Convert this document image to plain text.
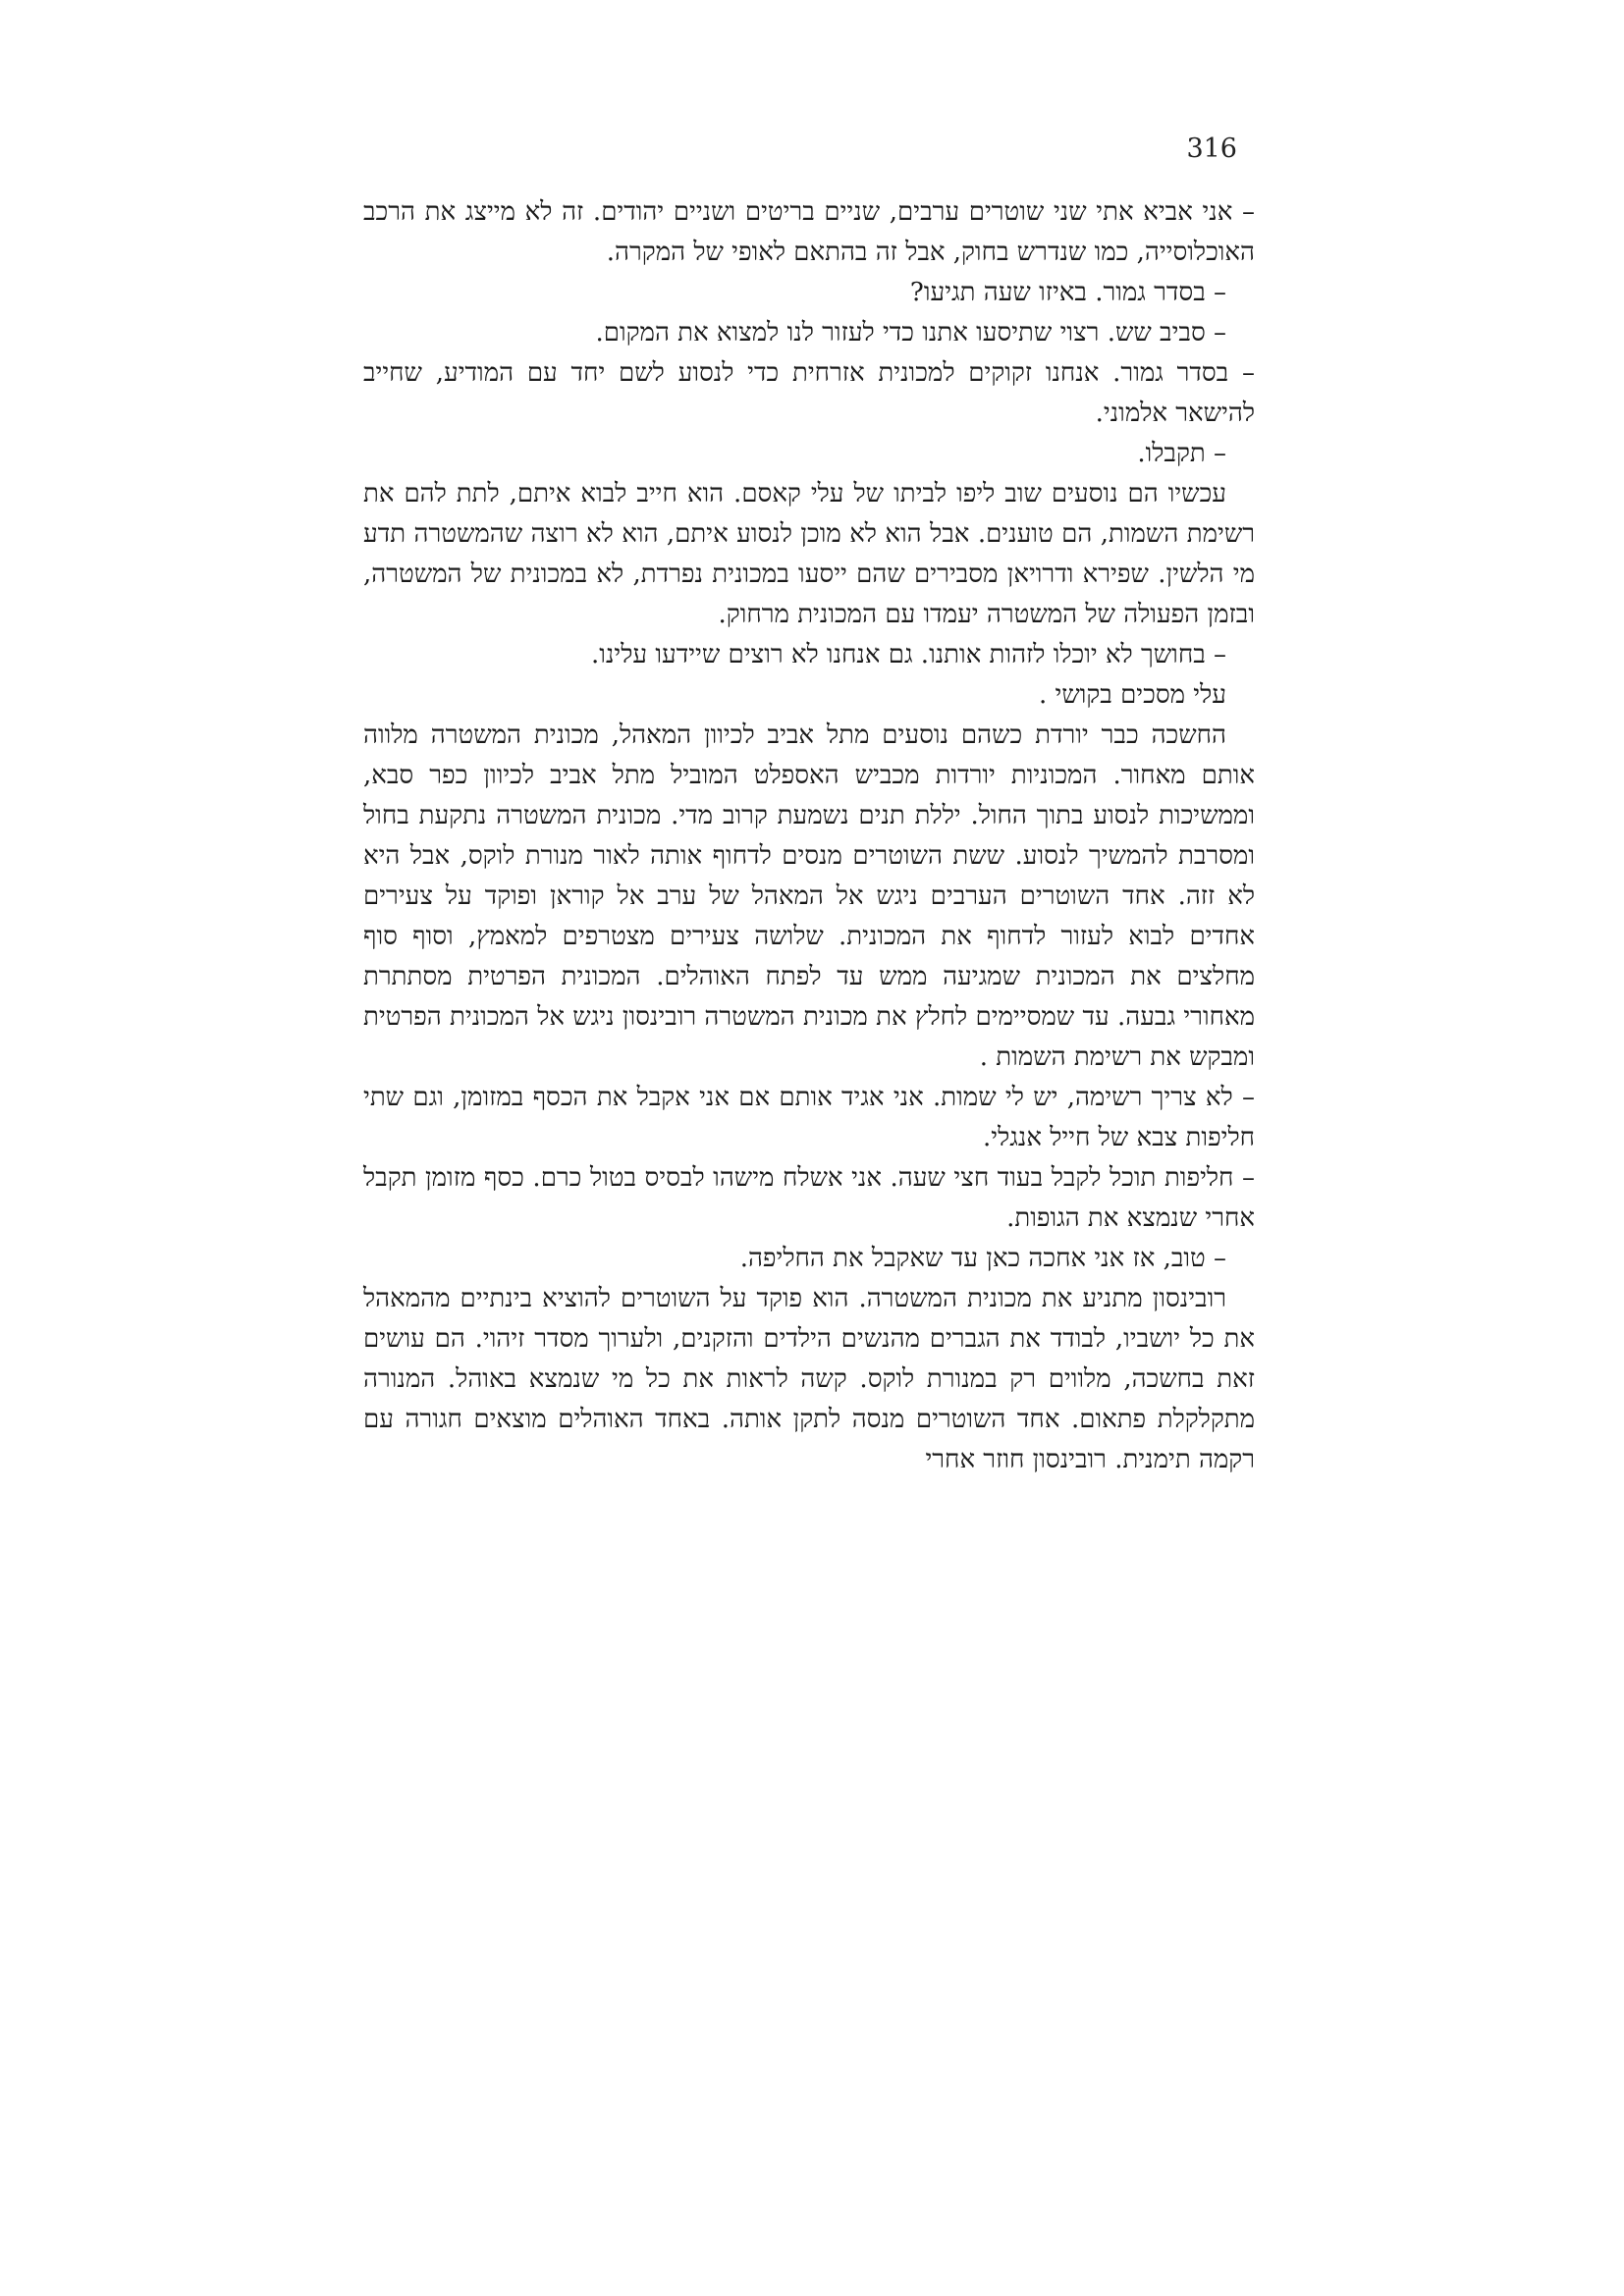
316

– אני אביא אתי שני שוטרים ערבים, שניים בריטים ושניים יהודים. זה לא מייצג את הרכב האוכלוסייה, כמו שנדרש בחוק, אבל זה בהתאם לאופי של המקרה.

– בסדר גמור. באיזו שעה תגיעו?

– סביב שש. רצוי שתיסעו אתנו כדי לעזור לנו למצוא את המקום.

– בסדר גמור. אנחנו זקוקים למכונית אזרחית כדי לנסוע לשם יחד עם המודיע, שחייב להישאר אלמוני.

– תקבלו.

עכשיו הם נוסעים שוב ליפו לביתו של עלי קאסם. הוא חייב לבוא איתם, לתת להם את רשימת השמות, הם טוענים. אבל הוא לא מוכן לנסוע איתם, הוא לא רוצה שהמשטרה תדע מי הלשין. שפירא ודרויאן מסבירים שהם ייסעו במכונית נפרדת, לא במכונית של המשטרה, ובזמן הפעולה של המשטרה יעמדו עם המכונית מרחוק.

– בחושך לא יוכלו לזהות אותנו. גם אנחנו לא רוצים שיידעו עלינו.

עלי מסכים בקושי .

החשכה כבר יורדת כשהם נוסעים מתל אביב לכיוון המאהל, מכונית המשטרה מלווה אותם מאחור. המכוניות יורדות מכביש האספלט המוביל מתל אביב לכיוון כפר סבא, וממשיכות לנסוע בתוך החול. יללת תנים נשמעת קרוב מדי. מכונית המשטרה נתקעת בחול ומסרבת להמשיך לנסוע. ששת השוטרים מנסים לדחוף אותה לאור מנורת לוקס, אבל היא לא זזה. אחד השוטרים הערבים ניגש אל המאהל של ערב אל קוראן ופוקד על צעירים אחדים לבוא לעזור לדחוף את המכונית. שלושה צעירים מצטרפים למאמץ, וסוף סוף מחלצים את המכונית שמגיעה ממש עד לפתח האוהלים. המכונית הפרטית מסתתרת מאחורי גבעה. עד שמסיימים לחלץ את מכונית המשטרה רובינסון ניגש אל המכונית הפרטית ומבקש את רשימת השמות .

– לא צריך רשימה, יש לי שמות. אני אגיד אותם אם אני אקבל את הכסף במזומן, וגם שתי חליפות צבא של חייל אנגלי.

– חליפות תוכל לקבל בעוד חצי שעה. אני אשלח מישהו לבסיס בטול כרם. כסף מזומן תקבל אחרי שנמצא את הגופות.

– טוב, אז אני אחכה כאן עד שאקבל את החליפה.

רובינסון מתניע את מכונית המשטרה. הוא פוקד על השוטרים להוציא בינתיים מהמאהל את כל יושביו, לבודד את הגברים מהנשים הילדים והזקנים, ולערוך מסדר זיהוי. הם עושים זאת בחשכה, מלווים רק במנורת לוקס. קשה לראות את כל מי שנמצא באוהל. המנורה מתקלקלת פתאום. אחד השוטרים מנסה לתקן אותה. באחד האוהלים מוצאים חגורה עם רקמה תימנית. רובינסון חוזר אחרי
